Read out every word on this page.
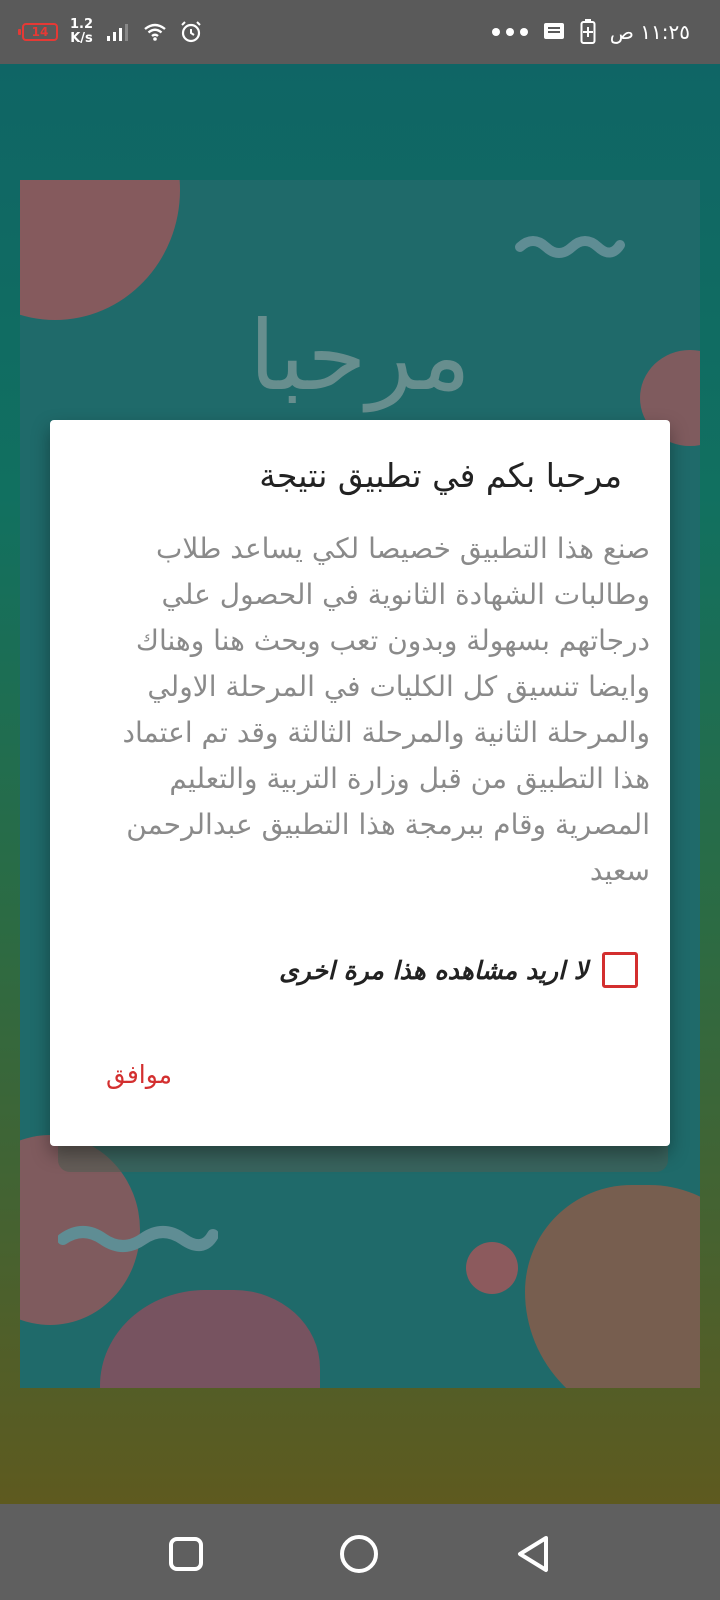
14 1.2
K/s	١١:٢٥ ص
مرحبا
مرحبا بكم في تطبيق نتيجة
صنع هذا التطبيق خصيصا لكي يساعد طلاب وطالبات الشهادة الثانوية في الحصول علي درجاتهم بسهولة وبدون تعب وبحث هنا وهناك وايضا تنسيق كل الكليات في المرحلة الاولي والمرحلة الثانية والمرحلة الثالثة وقد تم اعتماد هذا التطبيق من قبل وزارة التربية والتعليم المصرية وقام ببرمجة هذا التطبيق عبدالرحمن سعيد
لا اريد مشاهده هذا مرة اخرى
موافق
